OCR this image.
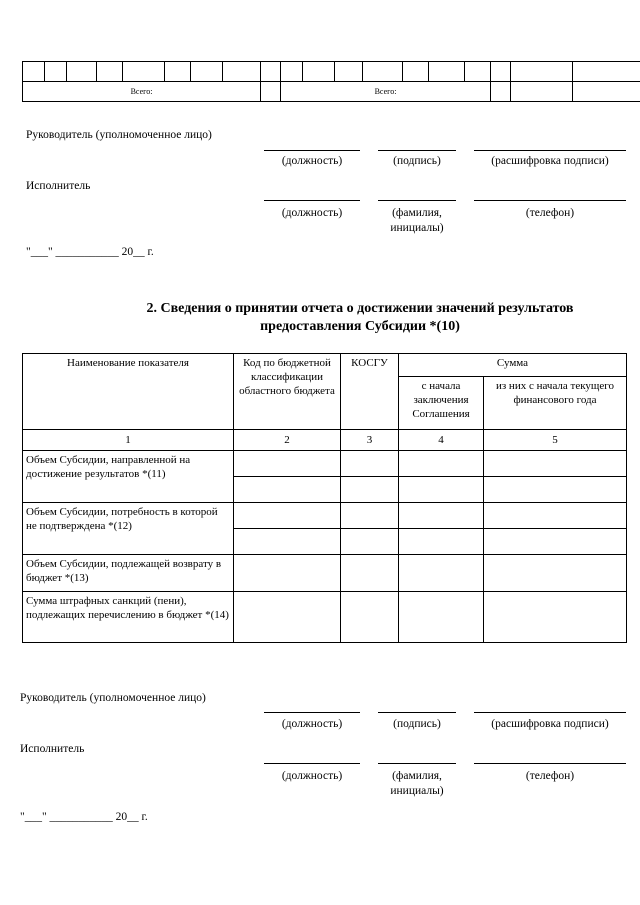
Всего:									Всего:									
Руководитель (уполномоченное лицо)
(должность)	(подпись)	(расшифровка подписи)
Исполнитель
(должность)	(фамилия,
инициалы)
(телефон)
"___" ___________ 20__ г.
2. Сведения о принятии отчета о достижении значений результатов
предоставления Субсидии *(10)
Наименование показателя	Код по бюджетной классификации областного бюджета	КОСГУ	Сумма	
			с начала заключения Соглашения	из них с начала текущего финансового года
1	2	3	4	5
Объем Субсидии, направленной на достижение результатов *(11)				

Объем Субсидии, потребность в которой не подтверждена *(12)				

Объем Субсидии, подлежащей возврату в бюджет *(13)				
Сумма штрафных санкций (пени), подлежащих перечислению в бюджет *(14)				
Руководитель (уполномоченное лицо)
(должность)	(подпись)	(расшифровка подписи)
Исполнитель
(должность)	(фамилия,
инициалы)
(телефон)
"___" ___________ 20__ г.
